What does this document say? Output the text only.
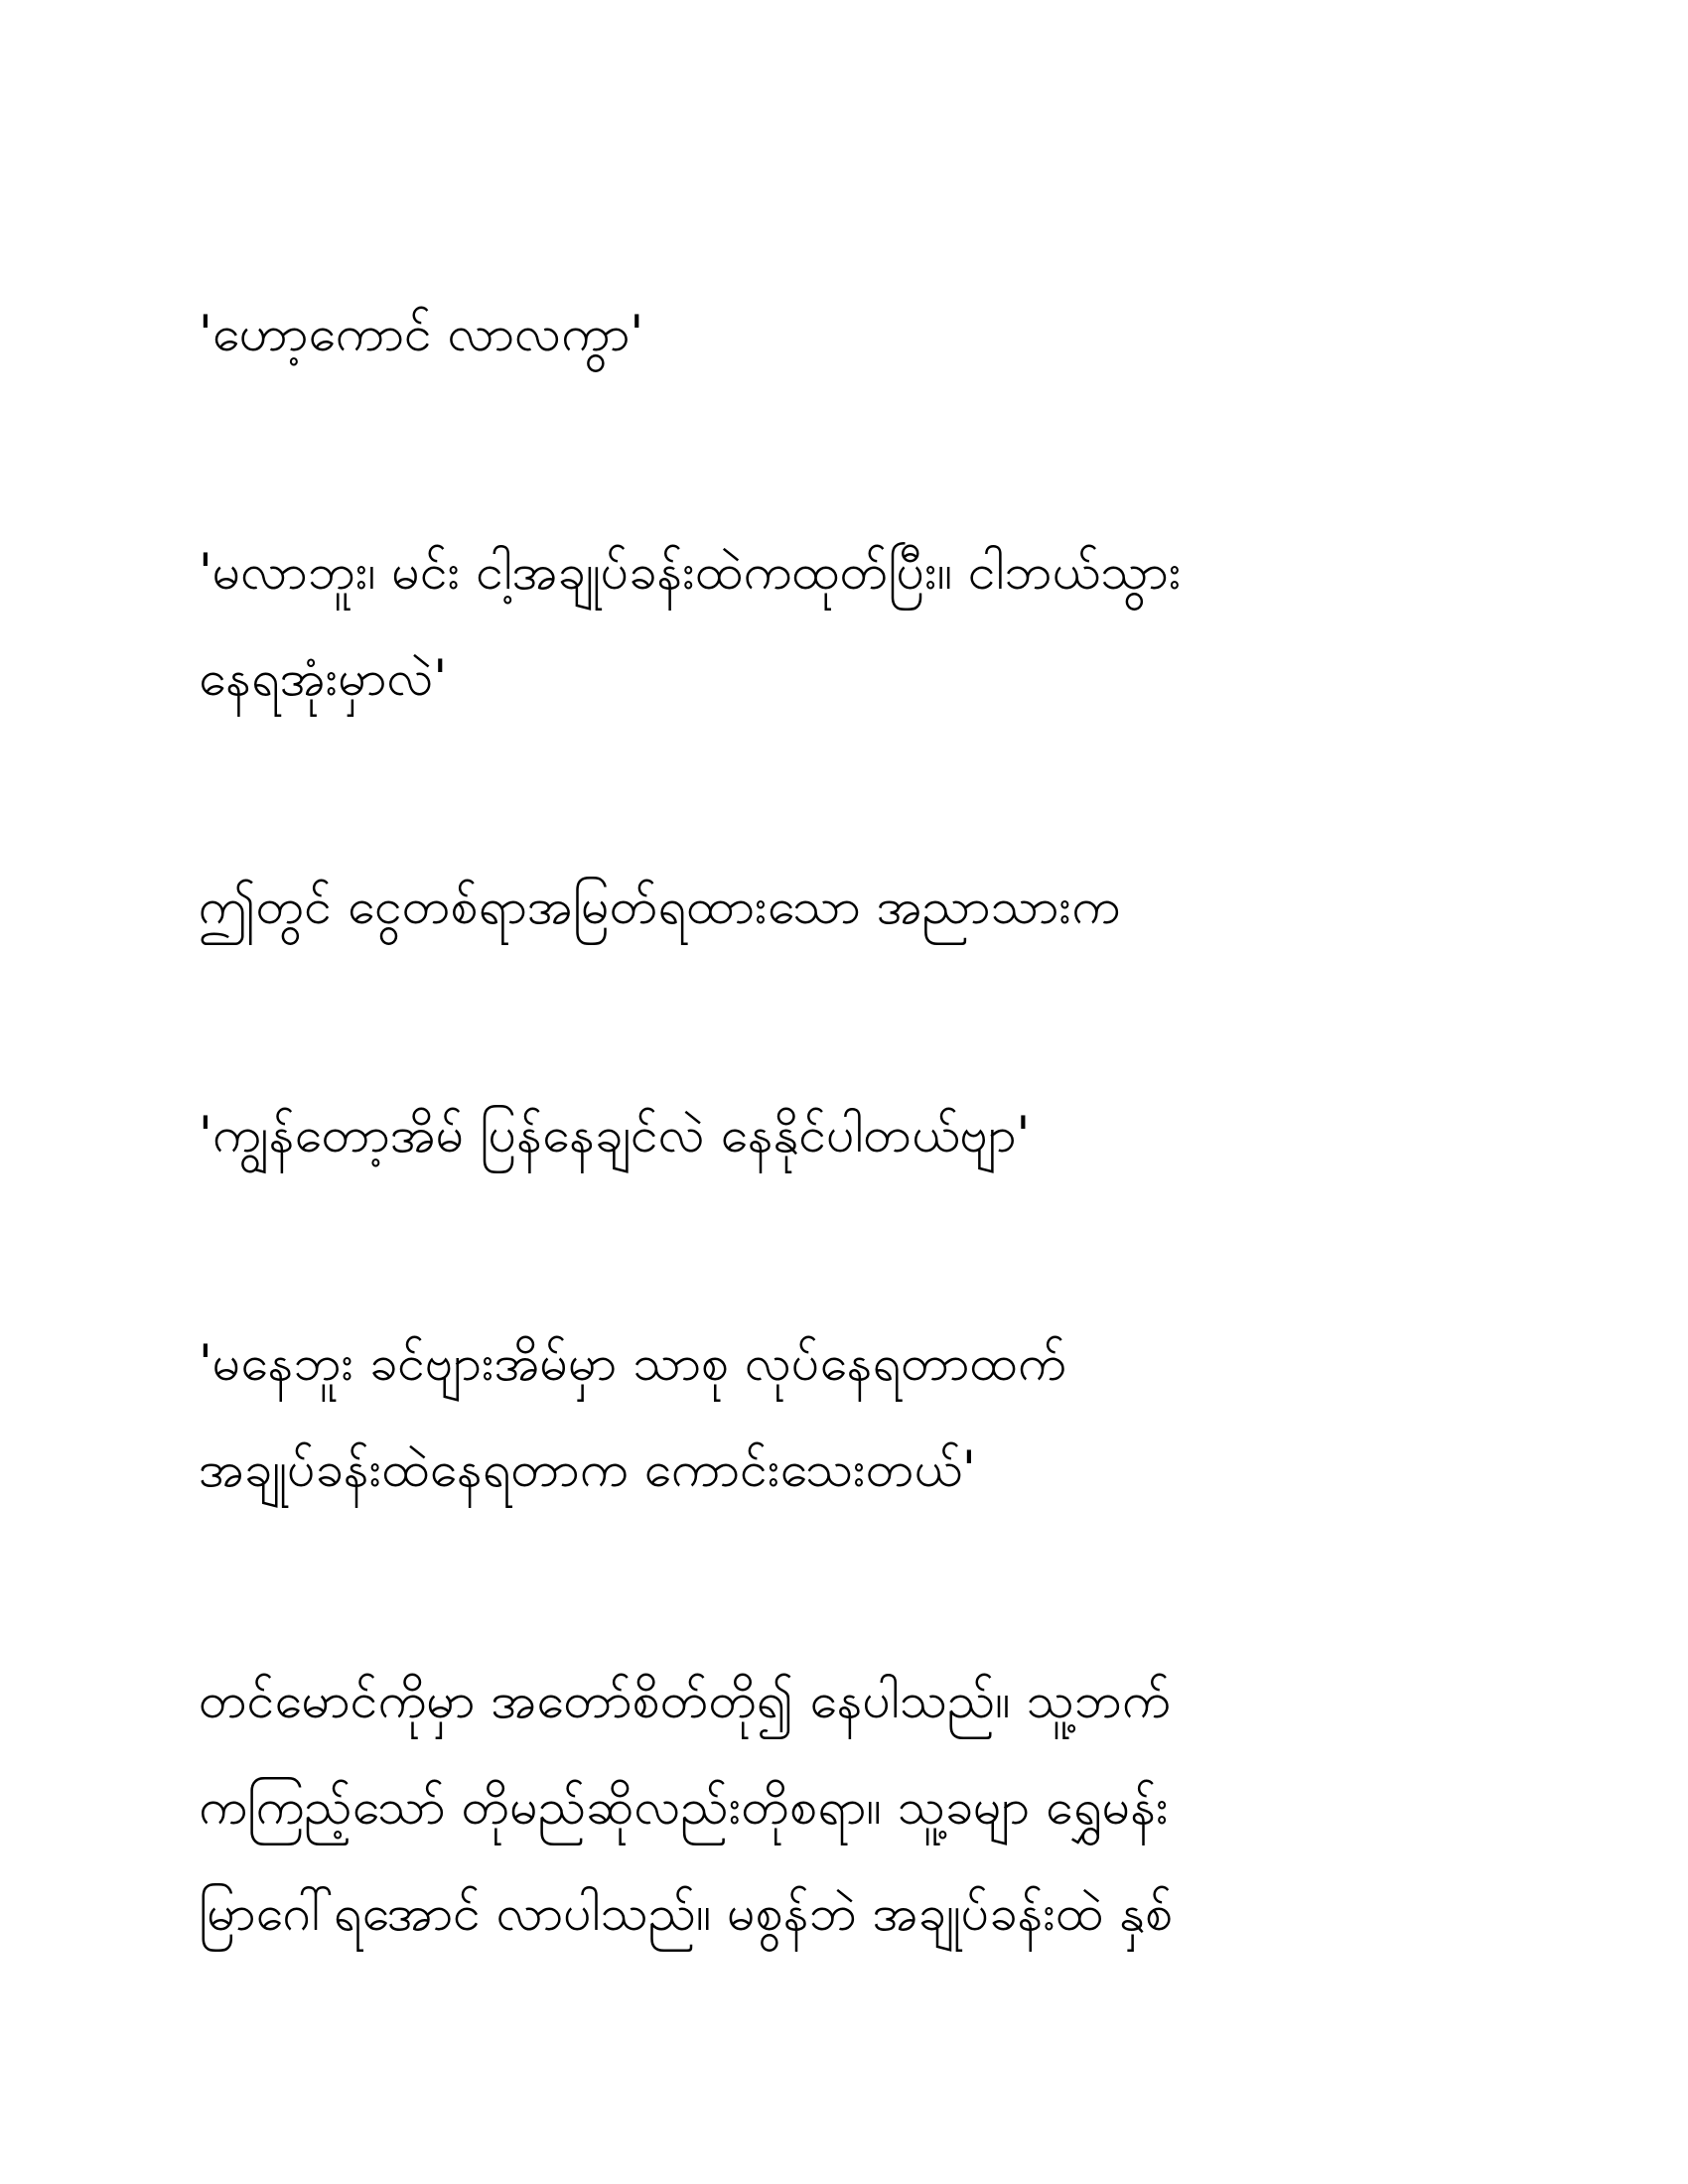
'ဟော့ကောင် လာလကွာ'

'မလာဘူး၊ မင်း ငါ့အချုပ်ခန်းထဲကထုတ်ပြီး။ ငါဘယ်သွား
နေရအုံးမှာလဲ'

ဤတွင် ငွေတစ်ရာအမြတ်ရထားသော အညာသားက

'ကျွန်တော့အိမ် ပြန်နေချင်လဲ နေနိုင်ပါတယ်ဗျာ'

'မနေဘူး ခင်ဗျားအိမ်မှာ သာစု လုပ်နေရတာထက်
အချုပ်ခန်းထဲနေရတာက ကောင်းသေးတယ်'

တင်မောင်ကိုမှာ အတော်စိတ်တို၍ နေပါသည်။ သူ့ဘက်
ကကြည့်သော် တိုမည်ဆိုလည်းတိုစရာ။ သူ့ခမျာ ရွှေမန်း
မြာဂေါ်ရအောင် လာပါသည်။ မစွန်ဘဲ အချုပ်ခန်းထဲ နှစ်
